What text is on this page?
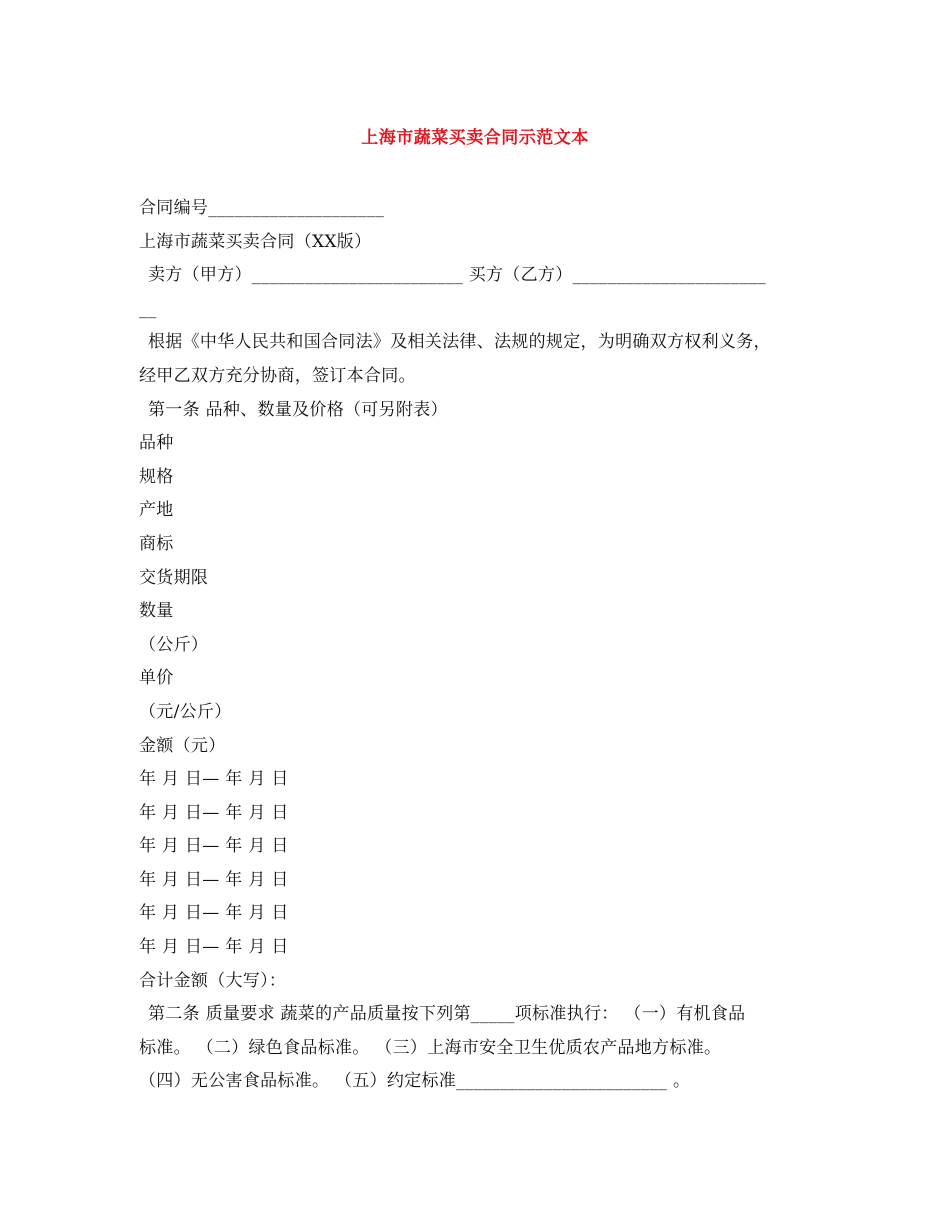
上海市蔬菜买卖合同示范文本
合同编号____________________
上海市蔬菜买卖合同（XX版）
卖方（甲方）________________________ 买方（乙方）______________________
__
根据《中华人民共和国合同法》及相关法律、法规的规定，为明确双方权利义务，
经甲乙双方充分协商，签订本合同。
第一条 品种、数量及价格（可另附表）
品种
规格
产地
商标
交货期限
数量
（公斤）
单价
（元/公斤）
金额（元）
年 月 日— 年 月 日
年 月 日— 年 月 日
年 月 日— 年 月 日
年 月 日— 年 月 日
年 月 日— 年 月 日
年 月 日— 年 月 日
合计金额（大写）：
第二条 质量要求 蔬菜的产品质量按下列第_____项标准执行： （一）有机食品
标准。 （二）绿色食品标准。 （三）上海市安全卫生优质农产品地方标准。
（四）无公害食品标准。 （五）约定标准________________________ 。
